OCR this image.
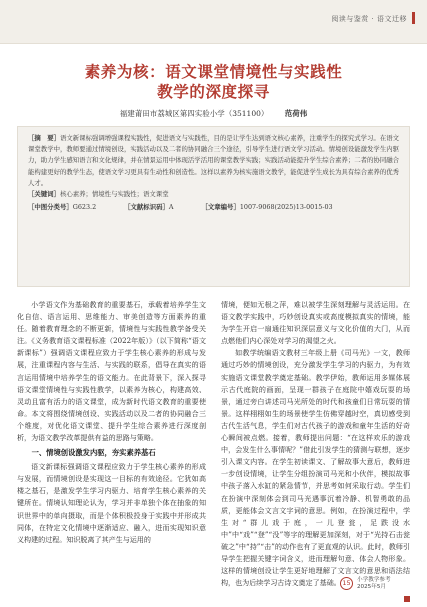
阅读与鉴赏 · 语文迁移
素养为核：语文课堂情境性与实践性
教学的深度探寻
福建莆田市荔城区第四实验小学（351100） 范荷伟

［摘　要］语文新课标强调增强课程实践性，促进语文与实践性，目的是让学生达到语文核心素养，注重学生的探究式学习。在语文课堂教学中，教师要通过情境创设，实践活动以及二者的协同融合三个途径，引导学生进行语文学习活动。情境创设能激发学生内驱力，助力学生感知语言和文化规律，并在情景运用中体现活学活用的课堂教学实践；实践活动能提升学生综合素养；二者的协同融合能构建更好的教学生态，使语文学习更具有生动性和创造性。这样以素养为核实施语文教学，能促进学生成长为具有综合素养的优秀人才。

［关键词］核心素养；情境性与实践性；语文课堂

［中图分类号］G623.2	［文献标识码］A	［文章编号］1007-9068(2025)13-0015-03

小学语文作为基础教育的重要基石，承载着培养学生文化自信、语言运用、思维能力、审美创造等方面素养的重任。随着教育理念的不断更新，情境性与实践性教学备受关注。《义务教育语文课程标准（2022年版）》（以下简称“语文新课标”）强调语文课程应致力于学生核心素养的形成与发展，注重课程内容与生活、与实践的联系，倡导在真实的语言运用情境中培养学生的语文能力。在此背景下，深入探寻语文课堂情境性与实践性教学，以素养为核心，构建高效、灵动且富有活力的语文课堂，成为新时代语文教育的重要使命。本文将围绕情境创设、实践活动以及二者的协同融合三个维度，对优化语文课堂、提升学生综合素养进行深度剖析，为语文教学改革提供有益的思路与策略。

一、情境创设激发内驱，夯实素养基石

语文新课标强调语文课程应致力于学生核心素养的形成与发展，而情境创设是实现这一目标的有效途径。它犹如高楼之基石，是激发学生学习内驱力、培育学生核心素养的关键所在。情境认知理论认为，学习并非单独个体在抽象的知识世界中的单向摄取，而是个体积极投身于实践中并形成共同体，在特定文化情境中逐渐适应、融入，进而实现知识意义构建的过程。知识脱离了其产生与运用的

情境，便如无根之萍，难以被学生深刻理解与灵活运用。在语文教学实践中，巧妙创设真实或高度模拟真实的情境，能为学生开启一扇通往知识深层意义与文化价值的大门，从而点燃他们内心深处对学习的渴望之火。

如教学统编语文教材三年级上册《司马光》一文，教师通过巧妙的情境创设，充分激发学生学习的内驱力，为有效实施语文课堂教学奠定基础。教学伊始，教师运用多媒体展示古代庭院的画面，呈现一群孩子在庭院中嬉戏玩耍的场景，通过旁白讲述司马光所处的时代和孩童们日常玩耍的情景。这样栩栩如生的场景使学生仿佛穿越时空，真切感受到古代生活气息，学生们对古代孩子的游戏和童年生活的好奇心瞬间被点燃。接着，教师提出问题：“在这样欢乐的游戏中，会发生什么事情呢？”借此引发学生的猜测与联想，逐步引入课文内容。在学生初读课文、了解故事大意后，教师进一步创设情境，让学生分组扮演司马光和小伙伴，模拟故事中孩子落入水缸的紧急情节，并思考如何采取行动。学生们在扮演中深刻体会到司马光遇事沉着冷静、机智勇敢的品质，更能体会文言文字词的意思。例如，在扮演过程中，学生对“群儿戏于庭，一儿登瓮，足跌没水中”中“戏”“登”“没”等字的理解更加深刻，对于“光持石击瓮破之”中“持”“击”的动作也有了更直观的认识。此时，教师引导学生把握关键字词含义，进而理解句意、体会人物形象。这样的情境创设让学生更好地理解了文言文的意思和语法结构，也为后续学习古诗文奠定了基础。 15	小学教学参考
2025年5月
